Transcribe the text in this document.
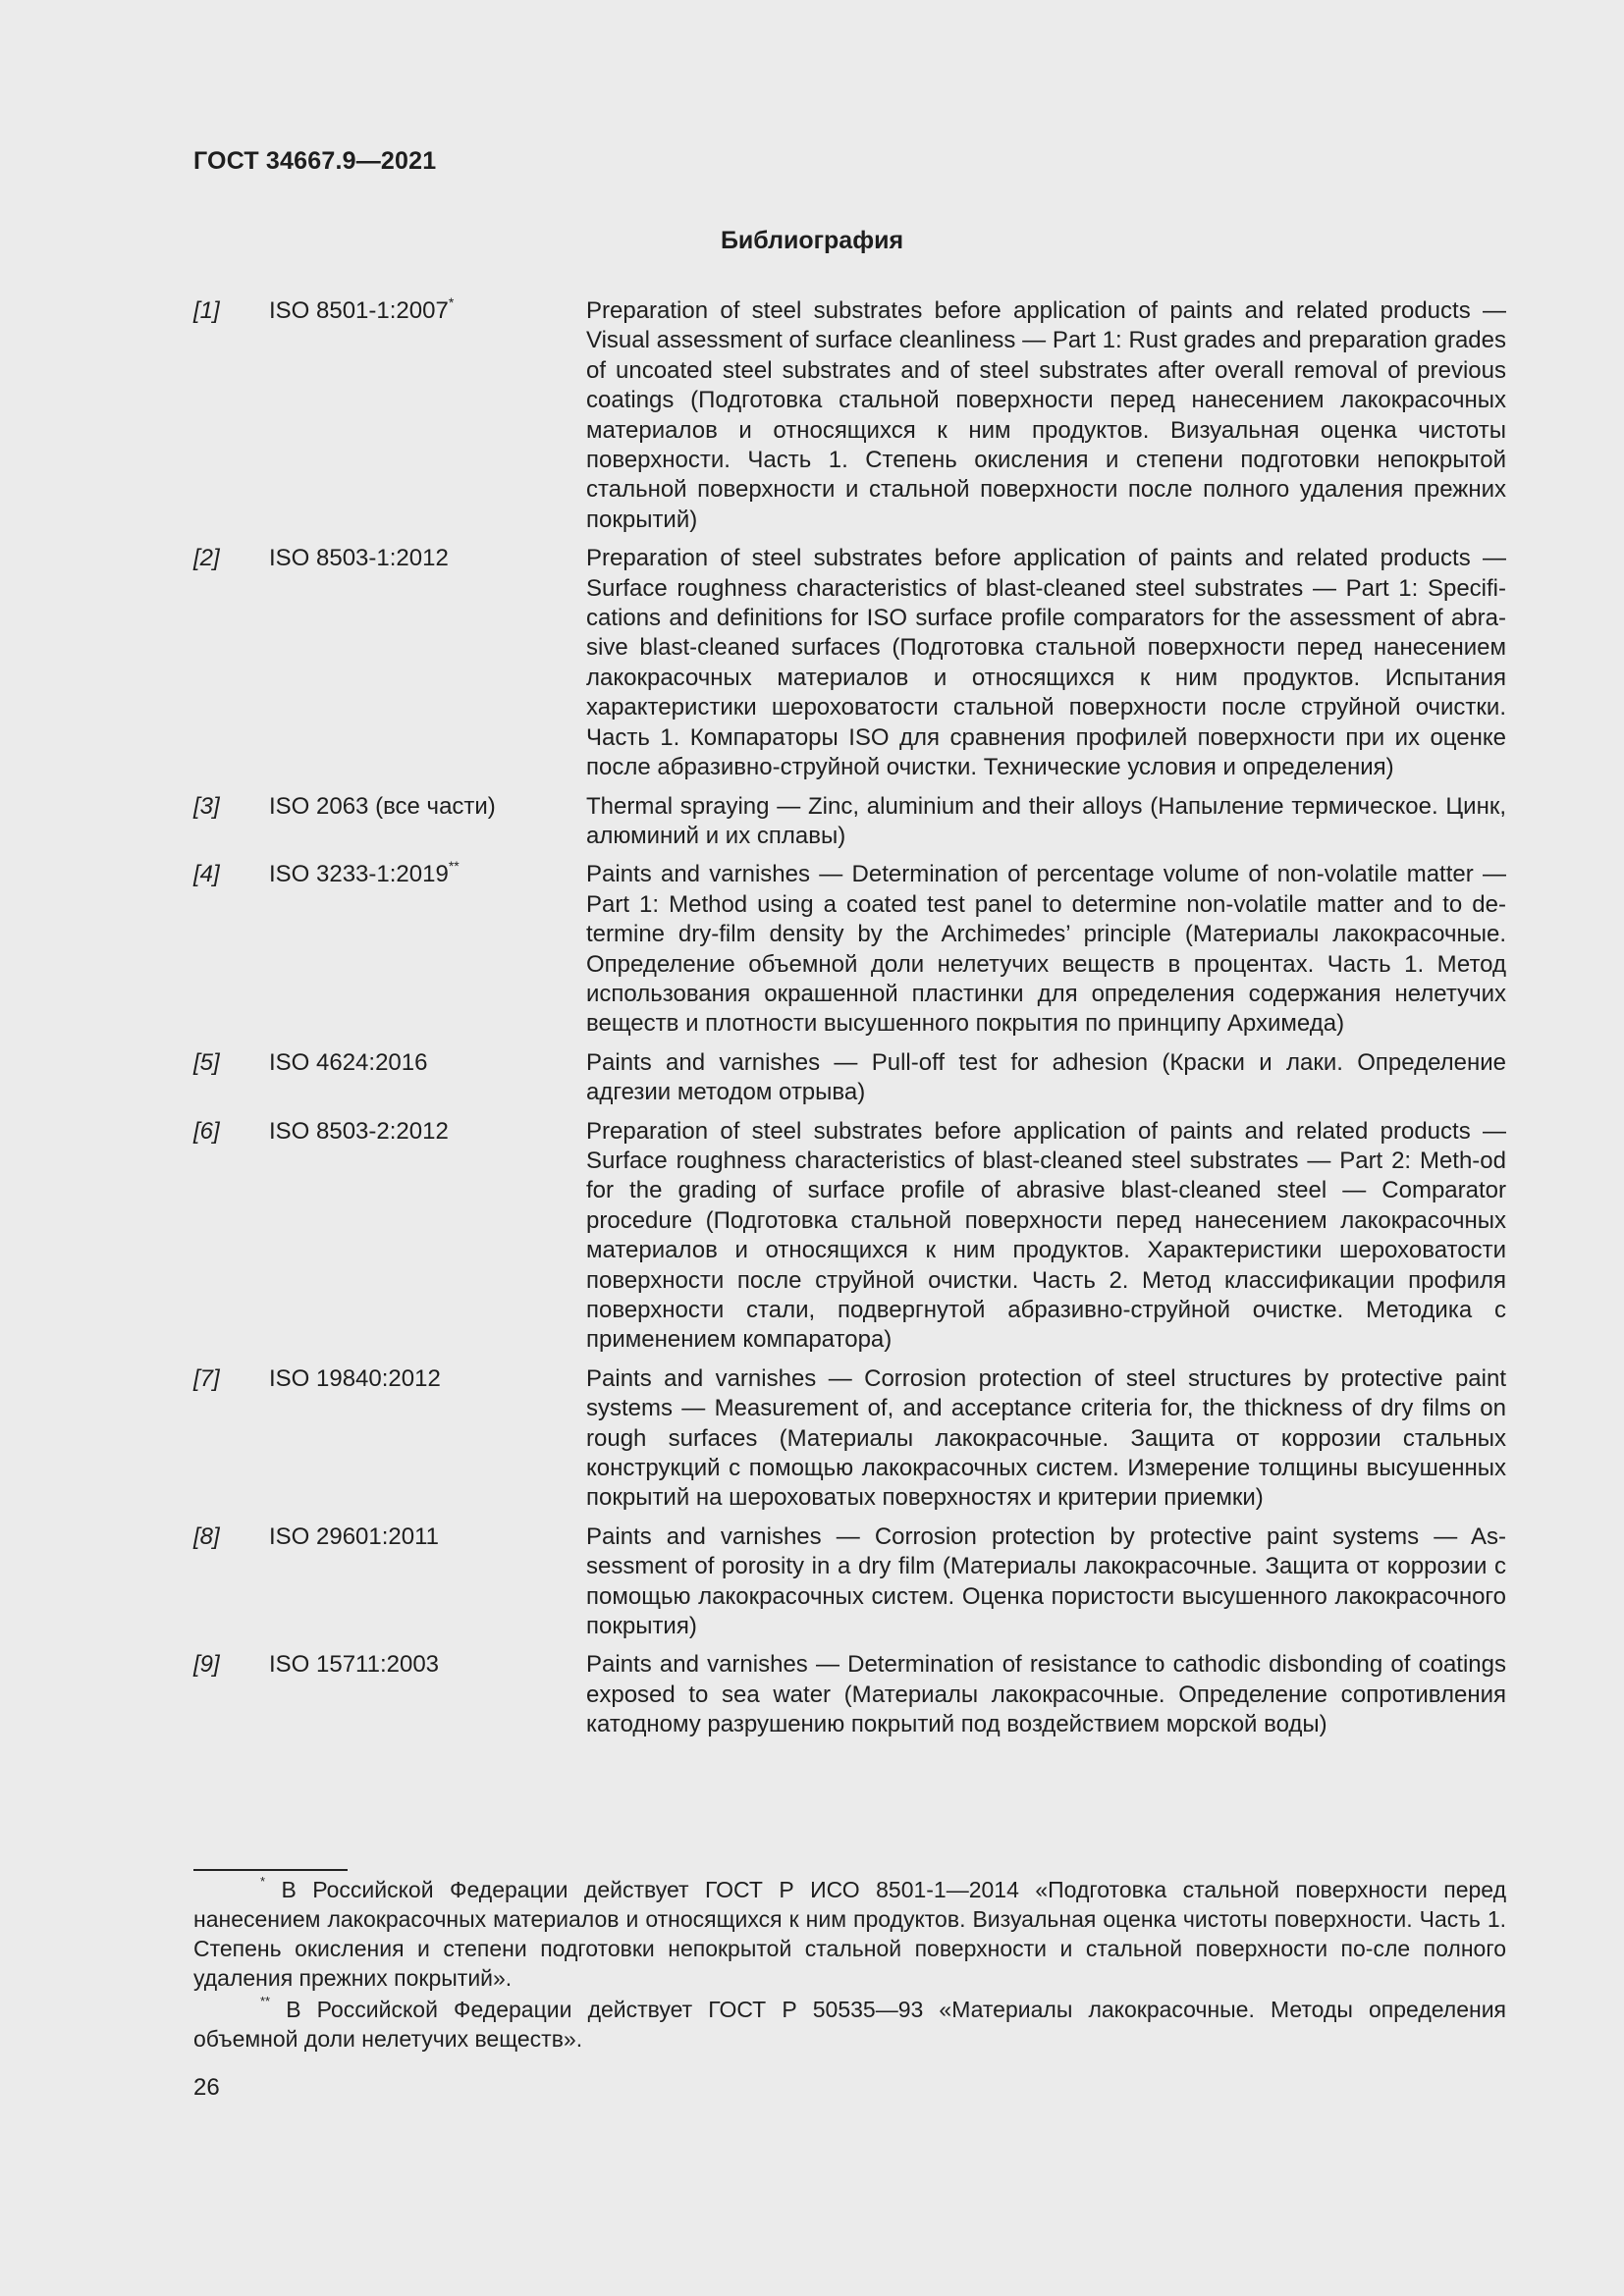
ГОСТ 34667.9—2021
Библиография
[1]	ISO 8501-1:2007*	Preparation of steel substrates before application of paints and related products — Visual assessment of surface cleanliness — Part 1: Rust grades and preparation grades of uncoated steel substrates and of steel substrates after overall removal of previous coatings (Подготовка стальной поверхности перед нанесением лакокрасочных материалов и относящихся к ним продуктов. Визуальная оценка чистоты поверхности. Часть 1. Степень окисления и степени подготовки непокрытой стальной поверхности и стальной поверхности после полного удаления прежних покрытий)
[2]	ISO 8503-1:2012	Preparation of steel substrates before application of paints and related products — Surface roughness characteristics of blast-cleaned steel substrates — Part 1: Specifi-cations and definitions for ISO surface profile comparators for the assessment of abra-sive blast-cleaned surfaces (Подготовка стальной поверхности перед нанесением лакокрасочных материалов и относящихся к ним продуктов. Испытания характеристики шероховатости стальной поверхности после струйной очистки. Часть 1. Компараторы ISO для сравнения профилей поверхности при их оценке после абразивно-струйной очистки. Технические условия и определения)
[3]	ISO 2063 (все части)	Thermal spraying — Zinc, aluminium and their alloys (Напыление термическое. Цинк, алюминий и их сплавы)
[4]	ISO 3233-1:2019**	Paints and varnishes — Determination of percentage volume of non-volatile matter — Part 1: Method using a coated test panel to determine non-volatile matter and to de-termine dry-film density by the Archimedes’ principle (Материалы лакокрасочные. Определение объемной доли нелетучих веществ в процентах. Часть 1. Метод использования окрашенной пластинки для определения содержания нелетучих веществ и плотности высушенного покрытия по принципу Архимеда)
[5]	ISO 4624:2016	Paints and varnishes — Pull-off test for adhesion (Краски и лаки. Определение адгезии методом отрыва)
[6]	ISO 8503-2:2012	Preparation of steel substrates before application of paints and related products — Surface roughness characteristics of blast-cleaned steel substrates — Part 2: Meth-od for the grading of surface profile of abrasive blast-cleaned steel — Comparator procedure (Подготовка стальной поверхности перед нанесением лакокрасочных материалов и относящихся к ним продуктов. Характеристики шероховатости поверхности после струйной очистки. Часть 2. Метод классификации профиля поверхности стали, подвергнутой абразивно-струйной очистке. Методика с применением компаратора)
[7]	ISO 19840:2012	Paints and varnishes — Corrosion protection of steel structures by protective paint systems — Measurement of, and acceptance criteria for, the thickness of dry films on rough surfaces (Материалы лакокрасочные. Защита от коррозии стальных конструкций с помощью лакокрасочных систем. Измерение толщины высушенных покрытий на шероховатых поверхностях и критерии приемки)
[8]	ISO 29601:2011	Paints and varnishes — Corrosion protection by protective paint systems — As-sessment of porosity in a dry film (Материалы лакокрасочные. Защита от коррозии с помощью лакокрасочных систем. Оценка пористости высушенного лакокрасочного покрытия)
[9]	ISO 15711:2003	Paints and varnishes — Determination of resistance to cathodic disbonding of coatings exposed to sea water (Материалы лакокрасочные. Определение сопротивления катодному разрушению покрытий под воздействием морской воды)
* В Российской Федерации действует ГОСТ Р ИСО 8501-1—2014 «Подготовка стальной поверхности перед нанесением лакокрасочных материалов и относящихся к ним продуктов. Визуальная оценка чистоты поверхности. Часть 1. Степень окисления и степени подготовки непокрытой стальной поверхности и стальной поверхности по-сле полного удаления прежних покрытий».
** В Российской Федерации действует ГОСТ Р 50535—93 «Материалы лакокрасочные. Методы определения объемной доли нелетучих веществ».
26
